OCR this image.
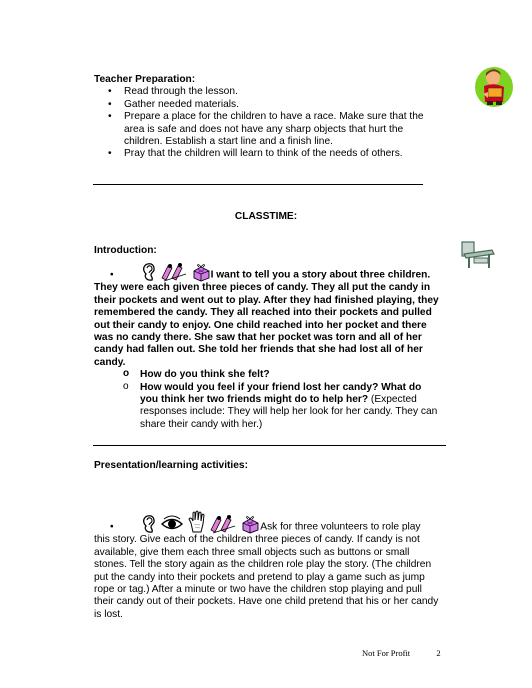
Teacher Preparation:
• Read through the lesson.
• Gather needed materials.
• Prepare a place for the children to have a race. Make sure that the area is safe and does not have any sharp objects that hurt the children. Establish a start line and a finish line.
• Pray that the children will learn to think of the needs of others.
CLASSTIME:
Introduction:
•	I want to tell you a story about three children. They were each given three pieces of candy. They all put the candy in their pockets and went out to play. After they had finished playing, they remembered the candy. They all reached into their pockets and pulled out their candy to enjoy. One child reached into her pocket and there was no candy there. She saw that her pocket was torn and all of her candy had fallen out. She told her friends that she had lost all of her candy.
o How do you think she felt?
o How would you feel if your friend lost her candy? What do you think her two friends might do to help her? (Expected responses include: They will help her look for her candy. They can share their candy with her.)
Presentation/learning activities:
•	Ask for three volunteers to role play this story. Give each of the children three pieces of candy. If candy is not available, give them each three small objects such as buttons or small stones. Tell the story again as the children role play the story. (The children put the candy into their pockets and pretend to play a game such as jump rope or tag.) After a minute or two have the children stop playing and pull their candy out of their pockets. Have one child pretend that his or her candy is lost.
Not For Profit	2
